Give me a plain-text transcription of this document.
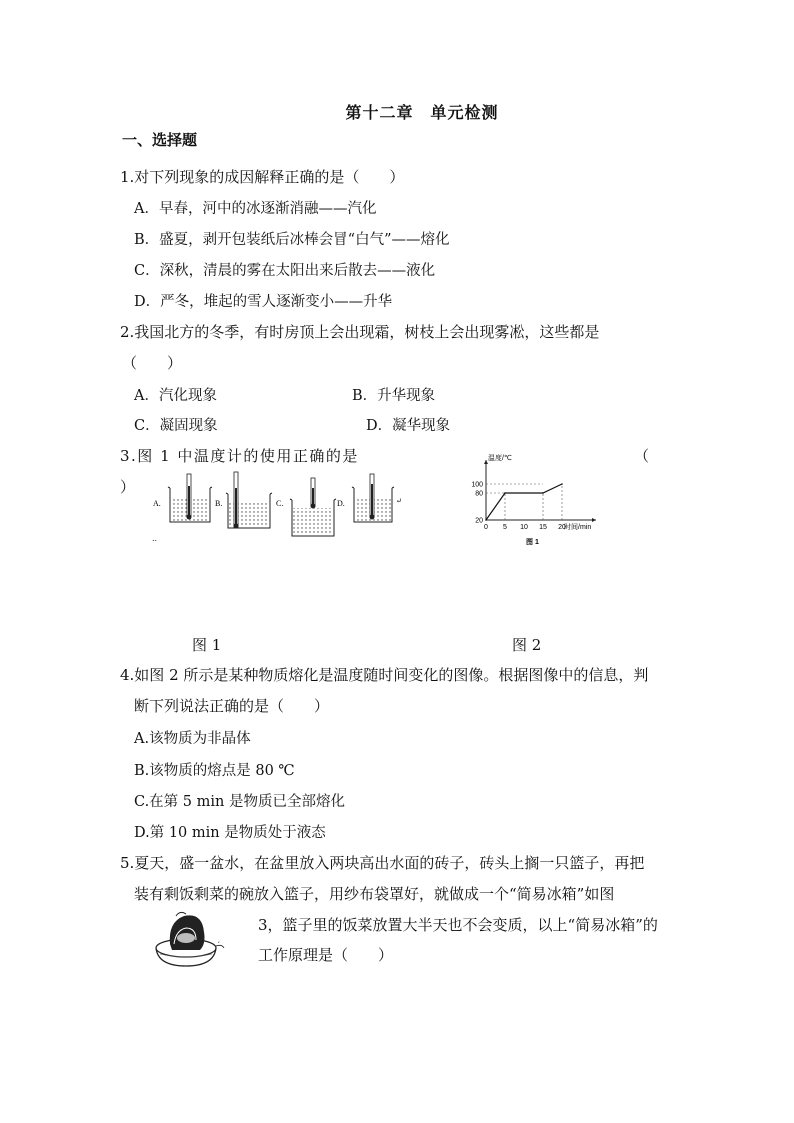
第十二章　单元检测
一、选择题
1.对下列现象的成因解释正确的是（　　）
A．早春，河中的冰逐渐消融——汽化
B．盛夏，剥开包装纸后冰棒会冒“白气”——熔化
C．深秋，清晨的雾在太阳出来后散去——液化
D．严冬，堆起的雪人逐渐变小——升华
2.我国北方的冬季，有时房顶上会出现霜，树枝上会出现雾凇，这些都是
（　　）
A．汽化现象	B．升华现象
C．凝固现象	D．凝华现象
3.图 1 中温度计的使用正确的是	（
）
A.	B.	C.	D.	↵
..
温度/℃
时间/min
20
80
100
0 5 10 15 20
图 1
图 1	图 2
4.如图 2 所示是某种物质熔化是温度随时间变化的图像。根据图像中的信息，判
断下列说法正确的是（　　）
A.该物质为非晶体
B.该物质的熔点是 80 ℃
C.在第 5 min 是物质已全部熔化
D.第 10 min 是物质处于液态
5.夏天，盛一盆水，在盆里放入两块高出水面的砖子，砖头上搁一只篮子，再把
装有剩饭剩菜的碗放入篮子，用纱布袋罩好，就做成一个“简易冰箱”如图
,
3，篮子里的饭菜放置大半天也不会变质，以上“简易冰箱”的
工作原理是（　　）
